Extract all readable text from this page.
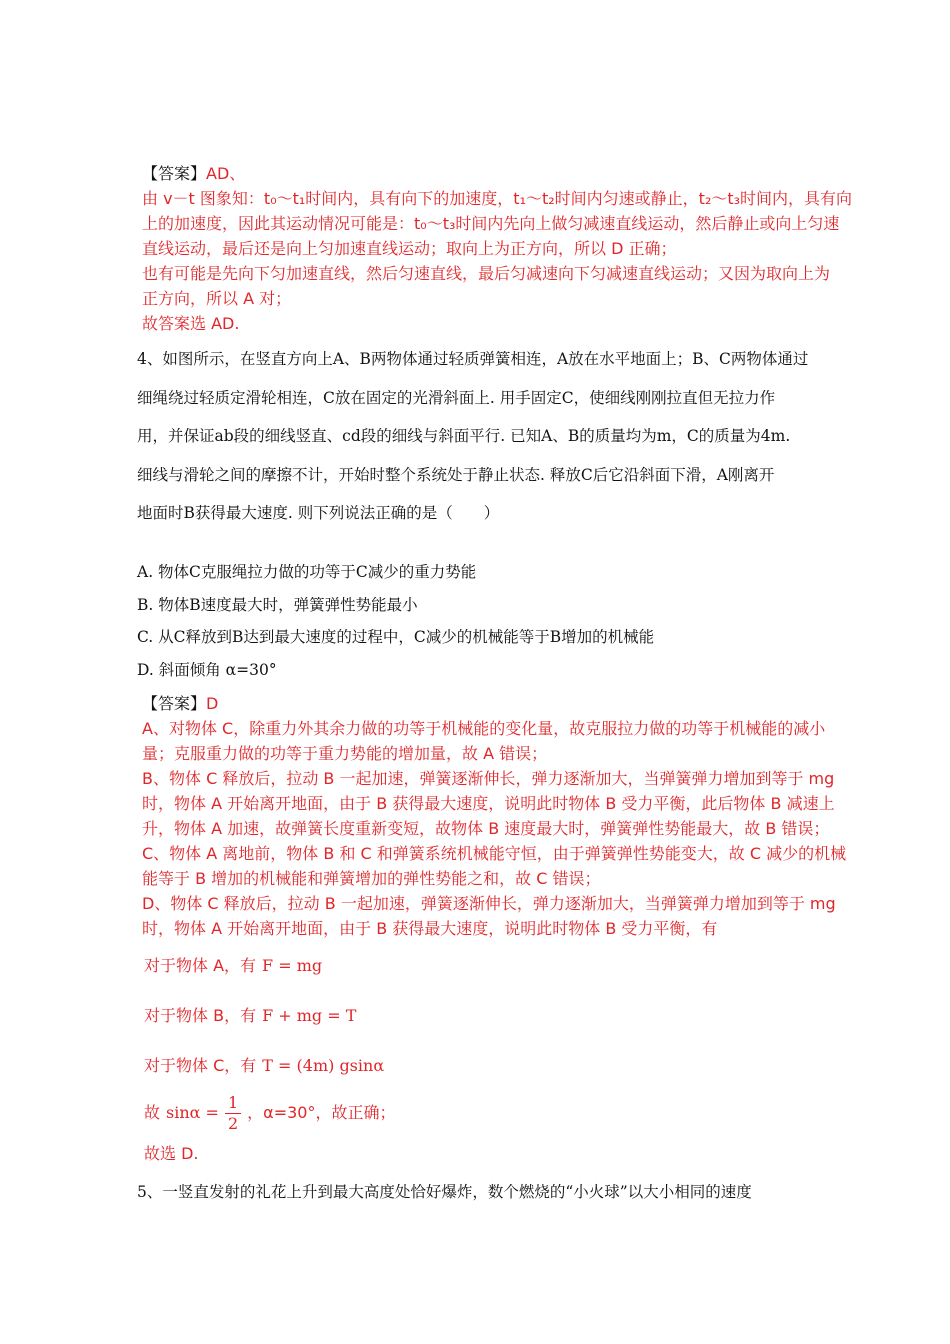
【答案】AD、

由 v－t 图象知：t₀～t₁时间内，具有向下的加速度，t₁～t₂时间内匀速或静止，t₂～t₃时间内，具有向

上的加速度，因此其运动情况可能是：t₀～t₃时间内先向上做匀减速直线运动，然后静止或向上匀速

直线运动，最后还是向上匀加速直线运动；取向上为正方向，所以 D 正确；

也有可能是先向下匀加速直线，然后匀速直线，最后匀减速向下匀减速直线运动；又因为取向上为

正方向，所以 A 对；

故答案选 AD.

4、如图所示，在竖直方向上A、B两物体通过轻质弹簧相连，A放在水平地面上；B、C两物体通过

细绳绕过轻质定滑轮相连，C放在固定的光滑斜面上. 用手固定C，使细线刚刚拉直但无拉力作

用，并保证ab段的细线竖直、cd段的细线与斜面平行. 已知A、B的质量均为m，C的质量为4m.

细线与滑轮之间的摩擦不计，开始时整个系统处于静止状态. 释放C后它沿斜面下滑，A刚离开

地面时B获得最大速度. 则下列说法正确的是（　　）

A. 物体C克服绳拉力做的功等于C减少的重力势能

B. 物体B速度最大时，弹簧弹性势能最小

C. 从C释放到B达到最大速度的过程中，C减少的机械能等于B增加的机械能

D. 斜面倾角 α=30°

【答案】D

A、对物体 C，除重力外其余力做的功等于机械能的变化量，故克服拉力做的功等于机械能的减小

量；克服重力做的功等于重力势能的增加量，故 A 错误；

B、物体 C 释放后，拉动 B 一起加速，弹簧逐渐伸长，弹力逐渐加大，当弹簧弹力增加到等于 mg

时，物体 A 开始离开地面，由于 B 获得最大速度，说明此时物体 B 受力平衡，此后物体 B 减速上

升，物体 A 加速，故弹簧长度重新变短，故物体 B 速度最大时，弹簧弹性势能最大，故 B 错误；

C、物体 A 离地前，物体 B 和 C 和弹簧系统机械能守恒，由于弹簧弹性势能变大，故 C 减少的机械

能等于 B 增加的机械能和弹簧增加的弹性势能之和，故 C 错误；

D、物体 C 释放后，拉动 B 一起加速，弹簧逐渐伸长，弹力逐渐加大，当弹簧弹力增加到等于 mg

时，物体 A 开始离开地面，由于 B 获得最大速度，说明此时物体 B 受力平衡，有

对于物体 A，有 F = mg
对于物体 B，有 F + mg = T
对于物体 C，有 T = (4m) gsinα
故 $\sin\alpha = \frac{1}{2}$ ，α=30°，故正确；
故选 D.

5、一竖直发射的礼花上升到最大高度处恰好爆炸，数个燃烧的“小火球”以大小相同的速度
